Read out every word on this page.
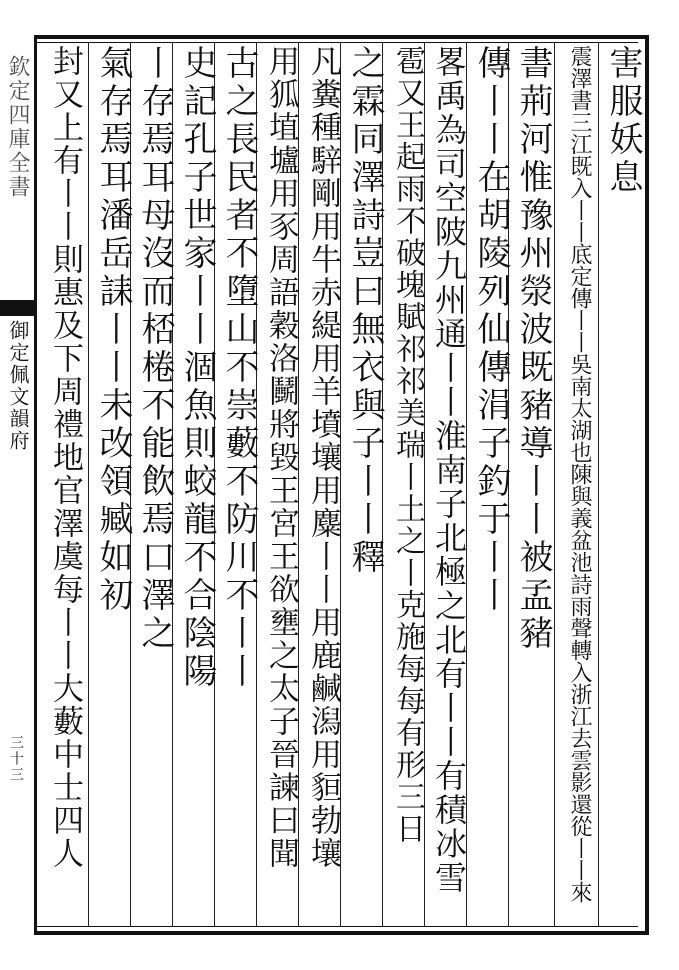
欽定四庫全書
御定佩文韻府
三十三
害服妖息
震澤書三江既入丨丨底定傳丨丨吳南太湖也陳與義盆池詩雨聲轉入浙江去雲影還從丨丨來
書荊河惟豫州滎波既豬導丨丨被孟豬
傳丨丨在胡陵列仙傳涓子釣于丨丨
畧禹為司空陂九州通丨丨淮南子北極之北有丨丨有積冰雪
雹又王起雨不破塊賦祁祁美瑞丨土之丨克施每每有形三日
之霖同澤詩豈曰無衣與子丨丨釋
凡糞種騂剛用牛赤緹用羊墳壤用麋丨丨用鹿鹹潟用貆勃壤
用狐埴壚用豕周語穀洛鬭將毀王宮王欲壅之太子晉諫曰聞
古之長民者不墮山不崇藪不防川不丨丨
史記孔子世家丨丨涸魚則蛟龍不合陰陽
丨存焉耳母沒而桮棬不能飲焉口澤之
氣存焉耳潘岳誄丨丨未改領臧如初
封又上有丨丨則惠及下周禮地官澤虞每丨丨大藪中士四人
